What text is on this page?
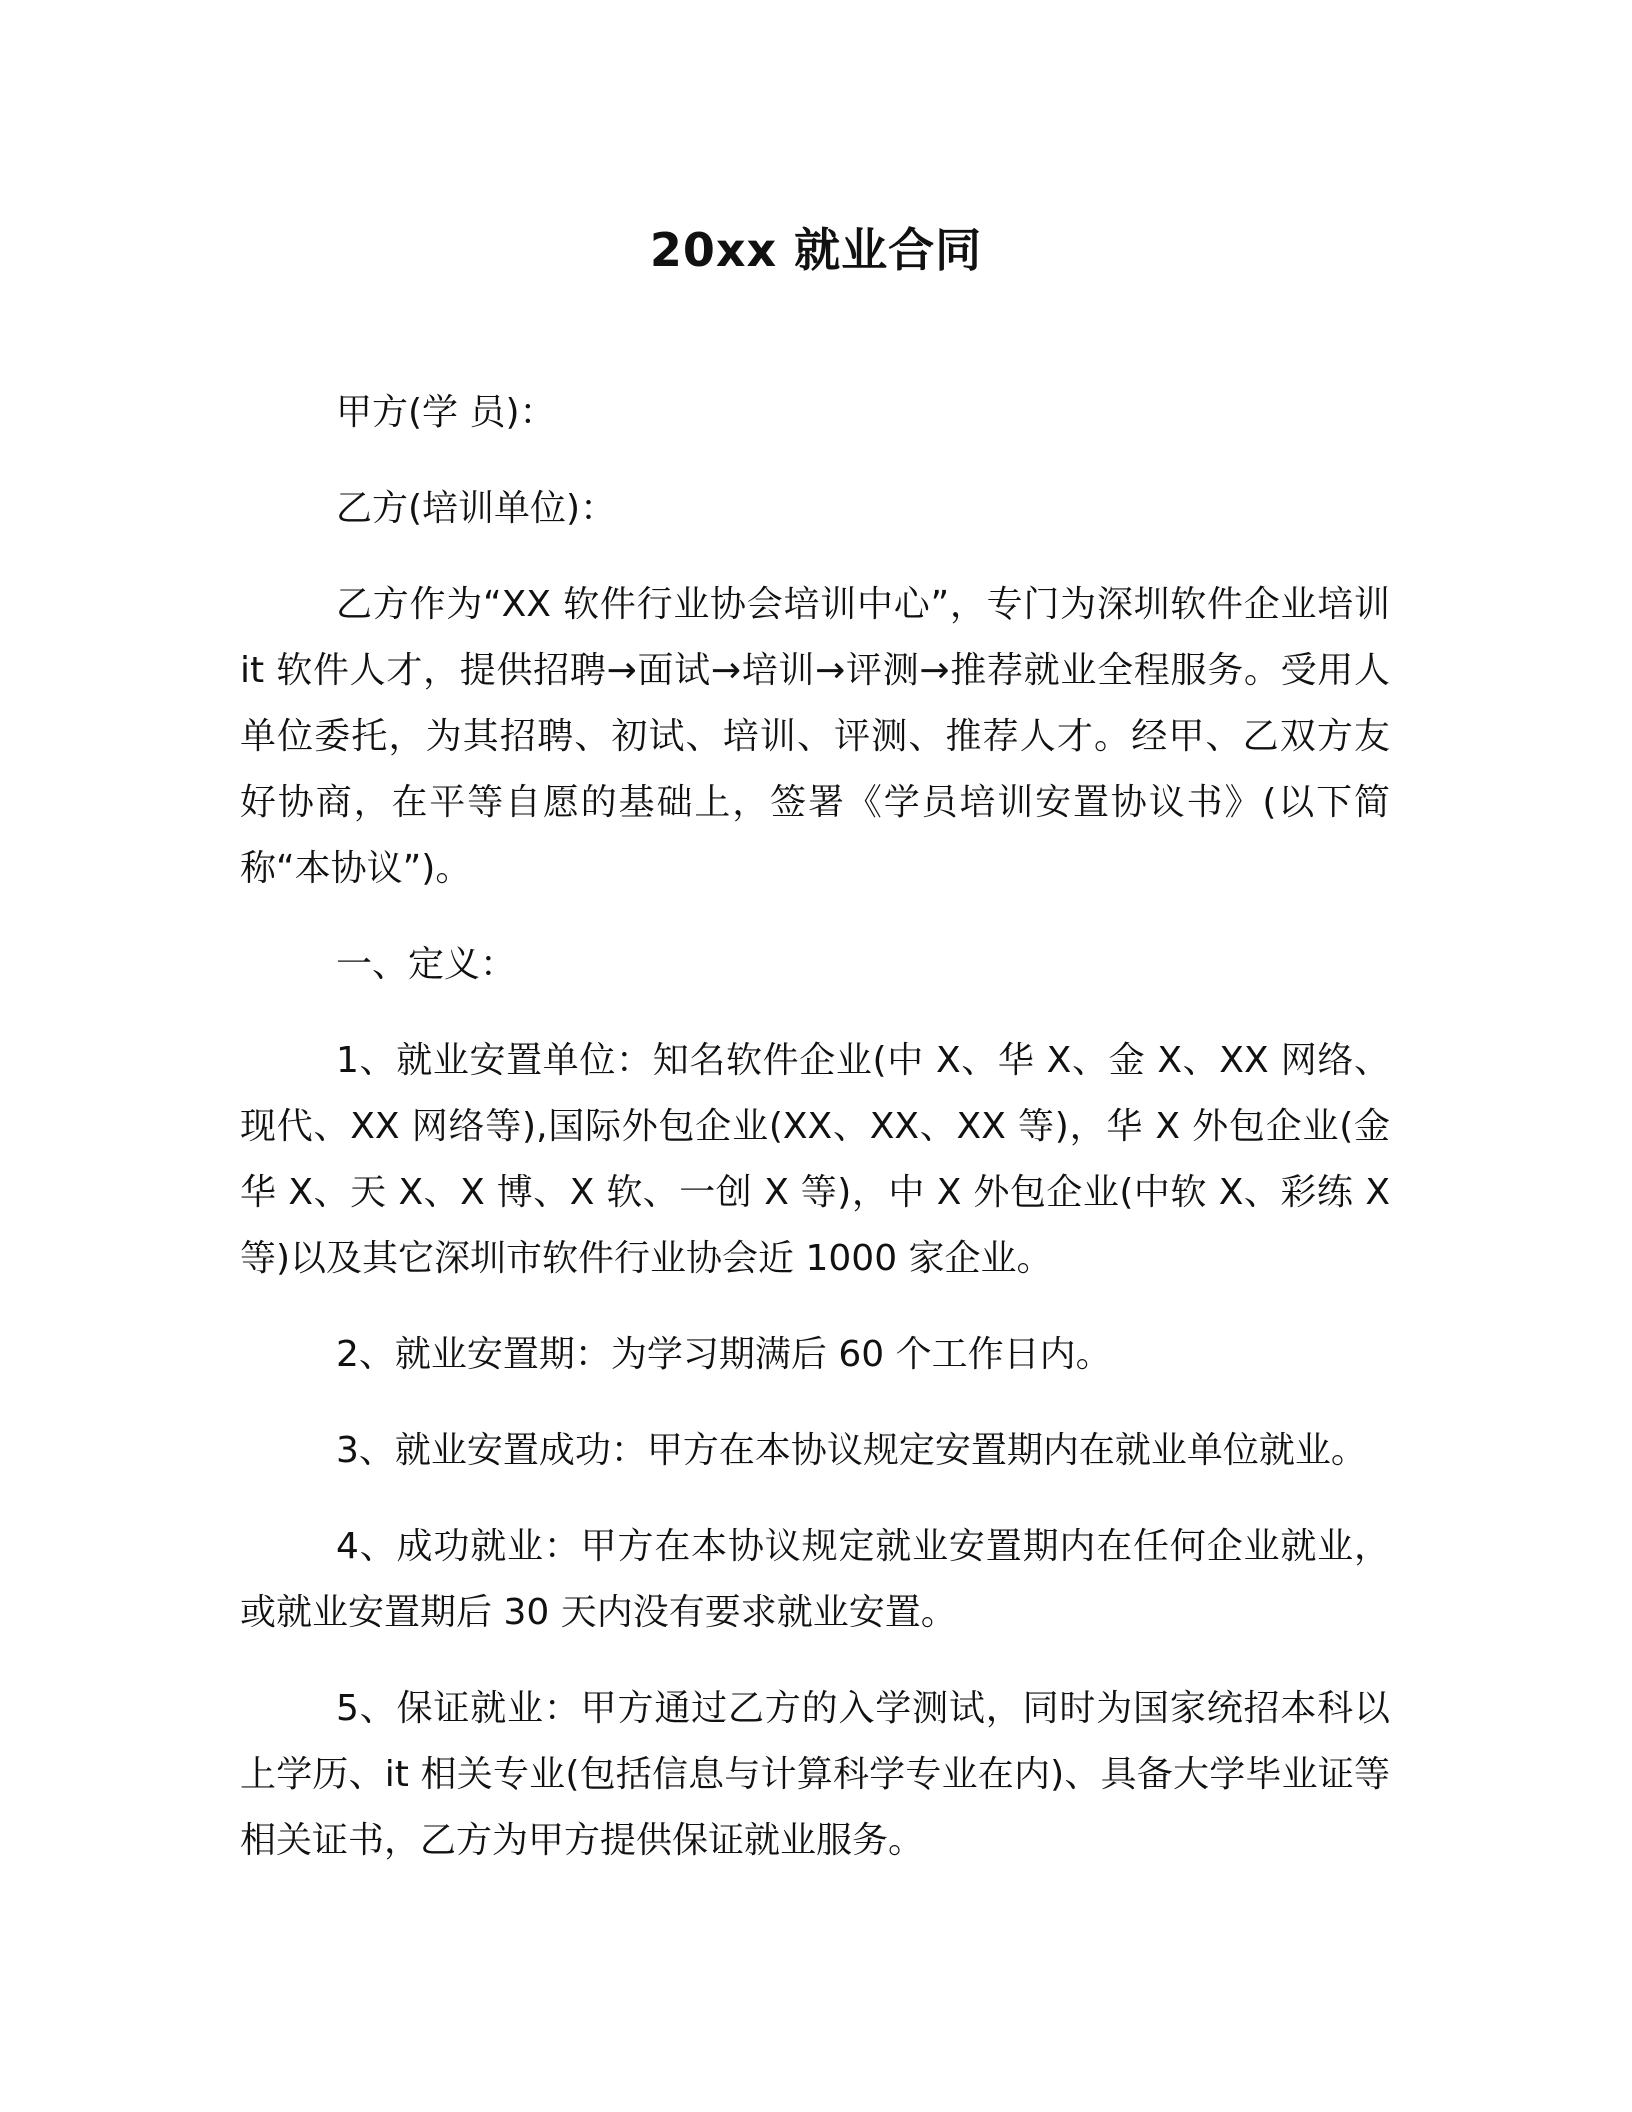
20xx 就业合同

甲方(学 员)：

乙方(培训单位)：

乙方作为“XX 软件行业协会培训中心”，专门为深圳软件企业培训 it 软件人才，提供招聘→面试→培训→评测→推荐就业全程服务。受用人单位委托，为其招聘、初试、培训、评测、推荐人才。经甲、乙双方友好协商，在平等自愿的基础上，签署《学员培训安置协议书》(以下简称“本协议”)。

一、定义：

1、就业安置单位：知名软件企业(中 X、华 X、金 X、XX 网络、现代、XX 网络等),国际外包企业(XX、XX、XX 等)，华 X 外包企业(金华 X、天 X、X 博、X 软、一创 X 等)，中 X 外包企业(中软 X、彩练 X 等)以及其它深圳市软件行业协会近 1000 家企业。

2、就业安置期：为学习期满后 60 个工作日内。

3、就业安置成功：甲方在本协议规定安置期内在就业单位就业。

4、成功就业：甲方在本协议规定就业安置期内在任何企业就业，或就业安置期后 30 天内没有要求就业安置。

5、保证就业：甲方通过乙方的入学测试，同时为国家统招本科以上学历、it 相关专业(包括信息与计算科学专业在内)、具备大学毕业证等相关证书，乙方为甲方提供保证就业服务。
